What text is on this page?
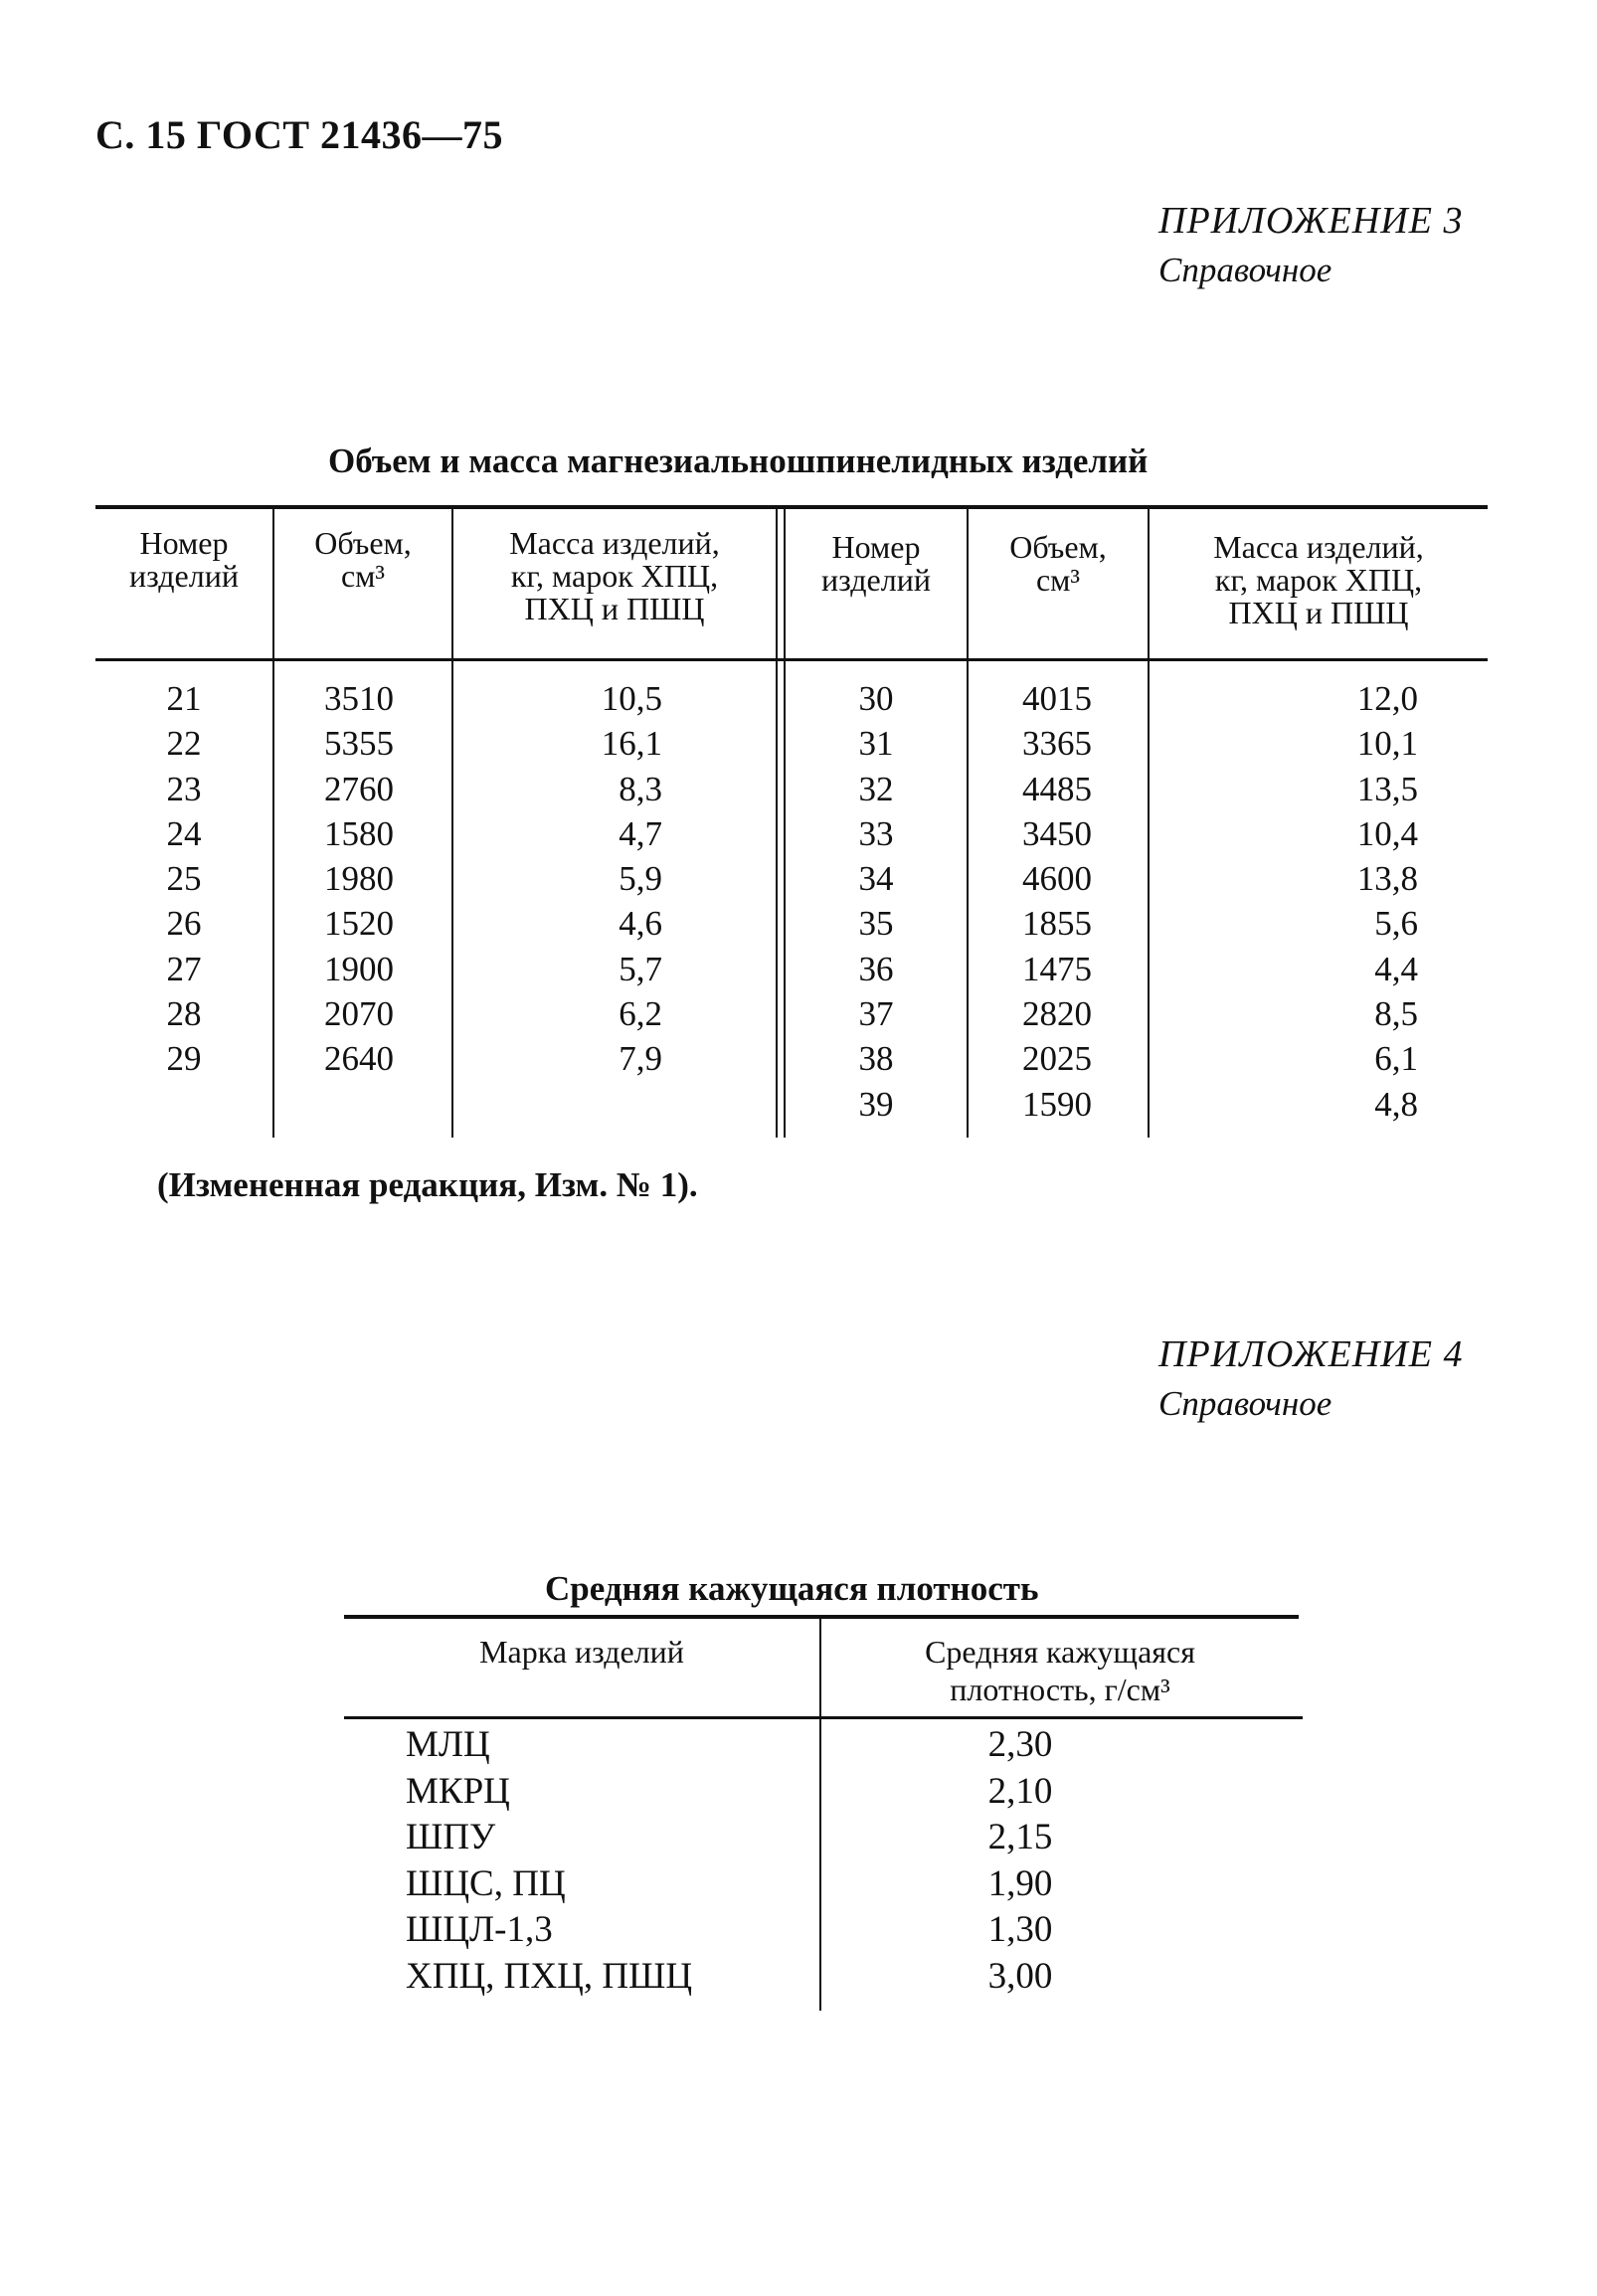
С. 15 ГОСТ 21436—75
ПРИЛОЖЕНИЕ 3
Справочное
Объем и масса магнезиальношпинелидных изделий
Номер
изделий
Объем,
см³
Масса изделий,
кг, марок ХПЦ,
ПХЦ и ПШЦ
Номер
изделий
Объем,
см³
Масса изделий,
кг, марок ХПЦ,
ПХЦ и ПШЦ
21
22
23
24
25
26
27
28
29
3510
5355
2760
1580
1980
1520
1900
2070
2640
10,5
16,1
8,3
4,7
5,9
4,6
5,7
6,2
7,9
30
31
32
33
34
35
36
37
38
39
4015
3365
4485
3450
4600
1855
1475
2820
2025
1590
12,0
10,1
13,5
10,4
13,8
5,6
4,4
8,5
6,1
4,8
(Измененная редакция, Изм. № 1).
ПРИЛОЖЕНИЕ 4
Справочное
Средняя кажущаяся плотность
Марка изделий	Средняя кажущаяся
плотность, г/см³
МЛЦ
МКРЦ
ШПУ
ШЦС, ПЦ
ШЦЛ-1,3
ХПЦ, ПХЦ, ПШЦ
2,30
2,10
2,15
1,90
1,30
3,00
